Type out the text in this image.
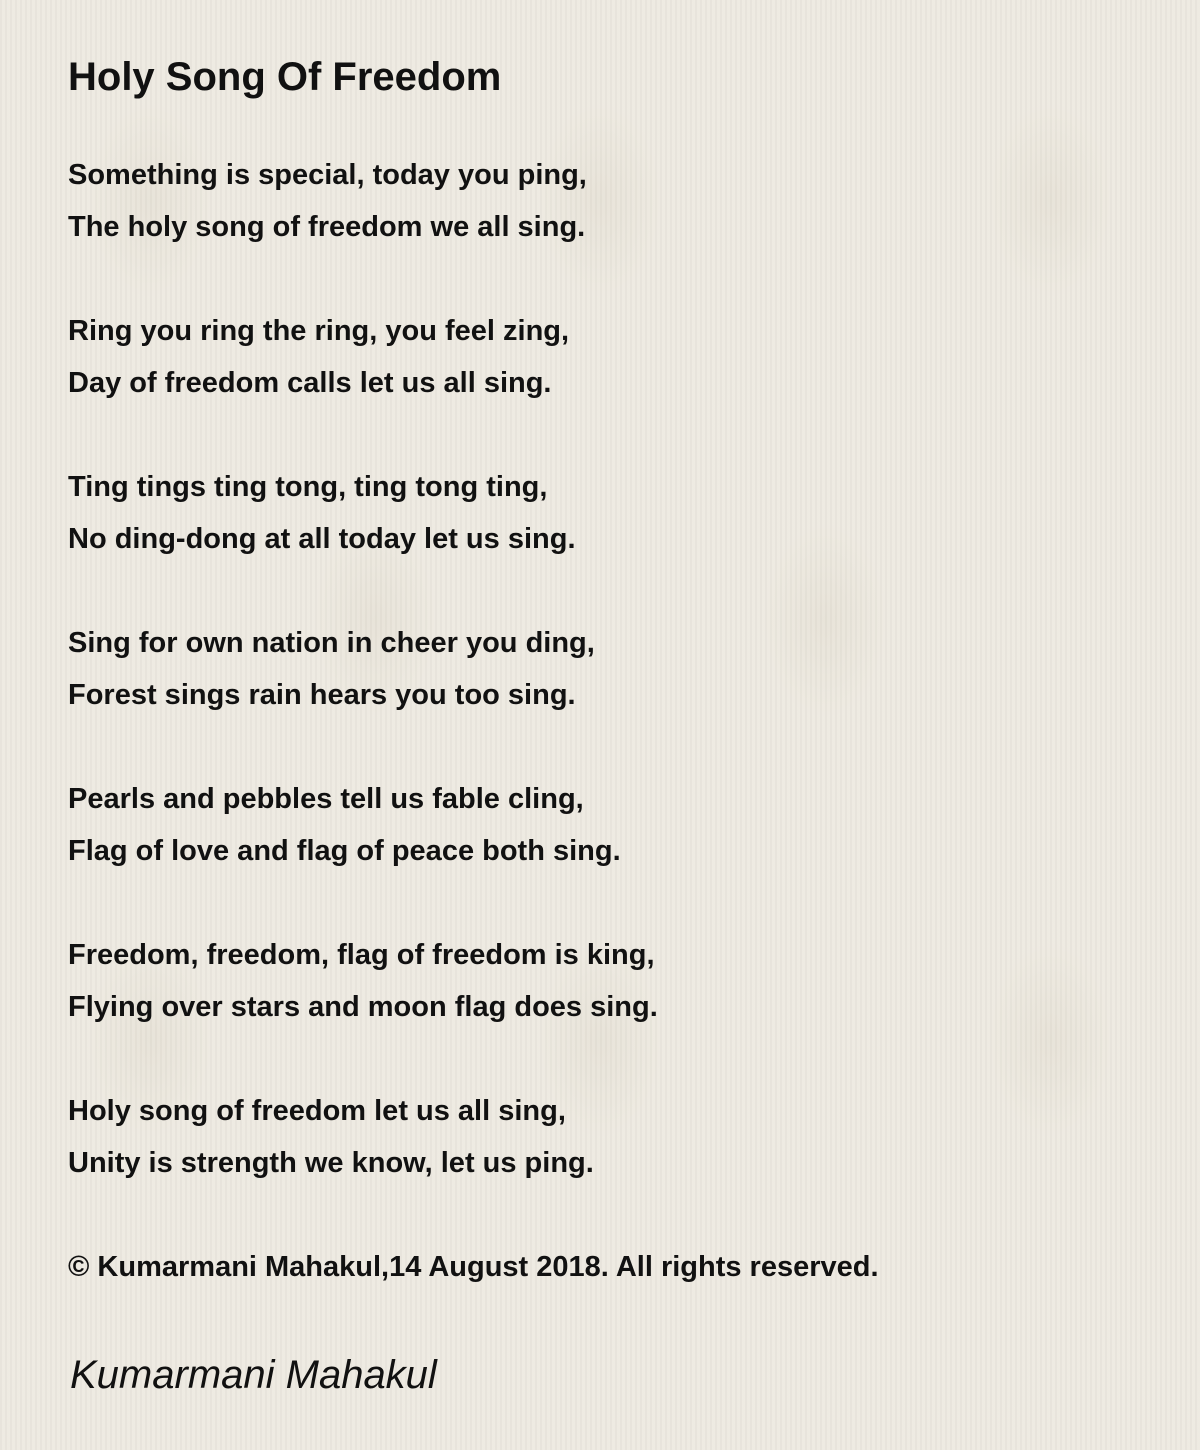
Holy Song Of Freedom
Something is special, today you ping,
The holy song of freedom we all sing.
Ring you ring the ring, you feel zing,
Day of freedom calls let us all sing.
Ting tings ting tong, ting tong ting,
No ding-dong at all today let us sing.
Sing for own nation in cheer you ding,
Forest sings rain hears you too sing.
Pearls and pebbles tell us fable cling,
Flag of love and flag of peace both sing.
Freedom, freedom, flag of freedom is king,
Flying over stars and moon flag does sing.
Holy song of freedom let us all sing,
Unity is strength we know, let us ping.
© Kumarmani Mahakul,14 August 2018. All rights reserved.
Kumarmani Mahakul
